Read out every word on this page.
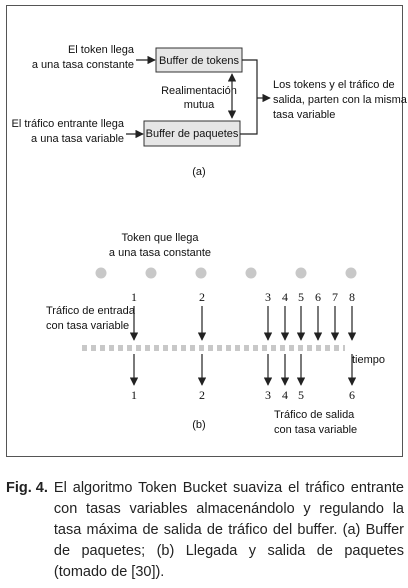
El token llega
a una tasa constante Buffer de tokens
Realimentación
mutua
El tráfico entrante llega
a una tasa variable Buffer de paquetes
Los tokens y el tráfico de
salida, parten con la misma
tasa variable
(a)
Token que llega
a una tasa constante
Tráfico de entrada
con tasa variable
1	2	3 4 5 6 7 8
tiempo
1	2	3 4 5	6
Tráfico de salida
con tasa variable
(b)
Fig. 4. El algoritmo Token Bucket suaviza el tráfico entrante con tasas variables almacenándolo y regulando la tasa máxima de salida de tráfico del buffer. (a) Buffer de paquetes; (b) Llegada y salida de paquetes (tomado de [30]).
